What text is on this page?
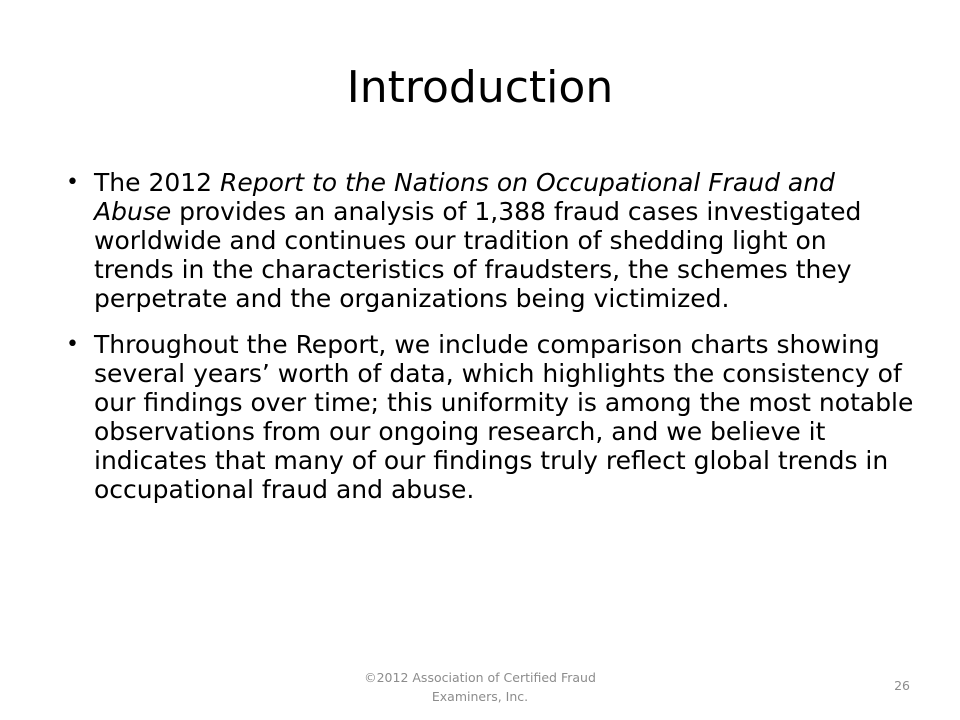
Introduction
• The 2012 Report to the Nations on Occupational Fraud and Abuse provides an analysis of 1,388 fraud cases investigated worldwide and continues our tradition of shedding light on trends in the characteristics of fraudsters, the schemes they perpetrate and the organizations being victimized.
• Throughout the Report, we include comparison charts showing several years’ worth of data, which highlights the consistency of our findings over time; this uniformity is among the most notable observations from our ongoing research, and we believe it indicates that many of our findings truly reflect global trends in occupational fraud and abuse.
©2012 Association of Certified Fraud
Examiners, Inc.
26
